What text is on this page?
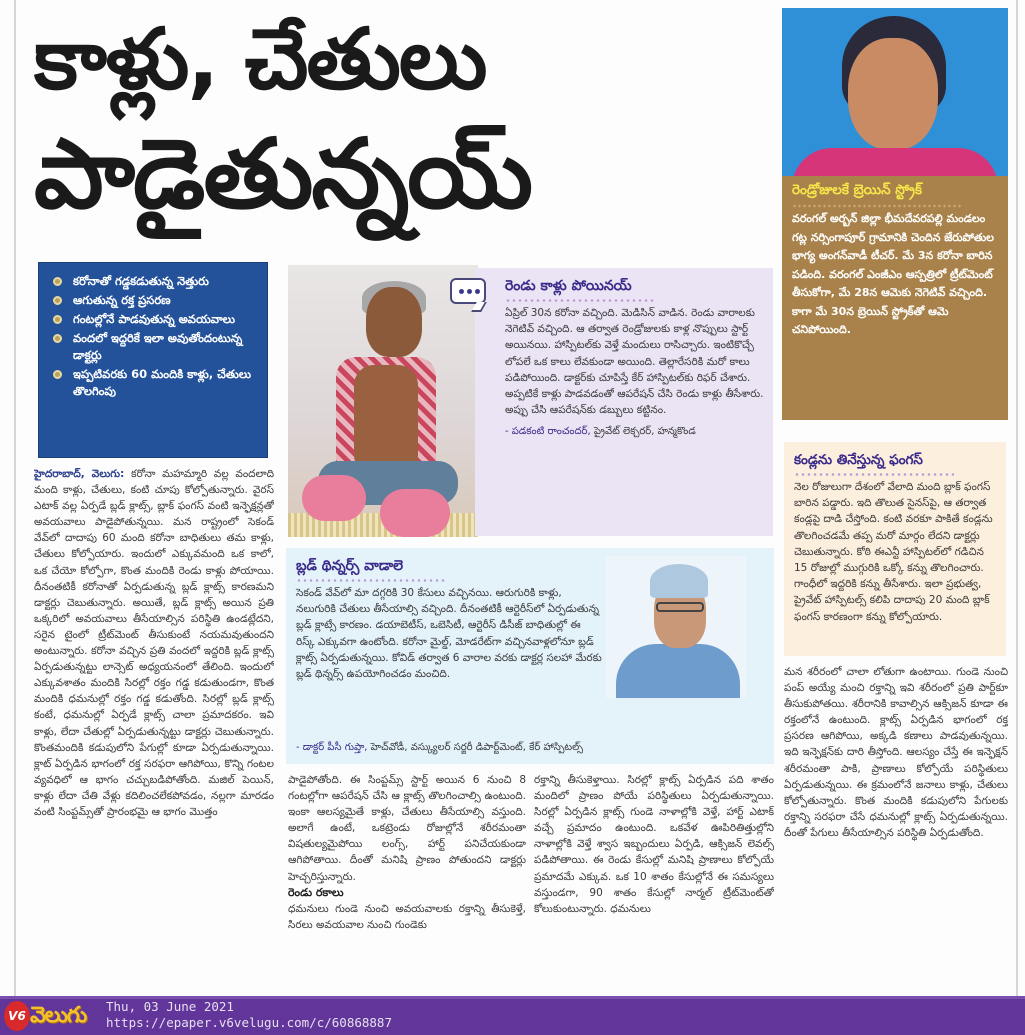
కాళ్లు, చేతులు
పాడైతున్నయ్
కరోనాతో గడ్డకడుతున్న నెత్తురు
ఆగుతున్న రక్త ప్రసరణ
గంటల్లోనే పాడవుతున్న అవయవాలు
వందలో ఇద్దరికే ఇలా అవుతోందంటున్న డాక్టర్లు
ఇప్పటివరకు 60 మందికి కాళ్లు, చేతులు తొలగింపు

హైదరాబాద్, వెలుగు: కరోనా మహమ్మారి వల్ల వందలాది మంది కాళ్లు, చేతులు, కంటి చూపు కోల్పోతున్నారు. వైరస్ ఎటాక్ వల్ల ఏర్పడే బ్లడ్ క్లాట్స్, బ్లాక్ ఫంగస్ వంటి ఇన్ఫెక్షన్లతో అవయవాలు పాడైపోతున్నయి. మన రాష్ట్రంలో సెకండ్ వేవ్‌లో దాదాపు 60 మంది కరోనా బాధితులు తమ కాళ్లు, చేతులు కోల్పోయారు. ఇందులో ఎక్కువమంది ఒక కాలో, ఒక చేయో కోల్పోగా, కొంత మందికి రెండు కాళ్లు పోయాయి. దీనంతటికీ కరోనాతో ఏర్పడుతున్న బ్లడ్ క్లాట్స్ కారణమని డాక్టర్లు చెబుతున్నారు. అయితే, బ్లడ్ క్లాట్స్ అయిన ప్రతి ఒక్కరిలో అవయవాలు తీసేయాల్సిన పరిస్థితి ఉండట్లేదని, సరైన టైంలో ట్రీట్‌మెంట్ తీసుకుంటే నయమవుతుందని అంటున్నారు. కరోనా వచ్చిన ప్రతి వందలో ఇద్దరికి బ్లడ్ క్లాట్స్ ఏర్పడుతున్నట్టు లాన్సెట్ అధ్యయనంలో తేలింది. ఇందులో ఎక్కువశాతం మందికి సిరల్లో రక్తం గడ్డ కడుతుండగా, కొంత మందికి ధమనుల్లో రక్తం గడ్డ కడుతోంది. సిరల్లో బ్లడ్ క్లాట్స్ కంటే, ధమనుల్లో ఏర్పడే క్లాట్స్ చాలా ప్రమాదకరం. ఇవి కాళ్లు, లేదా చేతుల్లో ఏర్పడుతున్నట్టు డాక్టర్లు చెబుతున్నారు. కొంతమందికి కడుపులోని పేగుల్లో కూడా ఏర్పడుతున్నాయి. క్లాట్ ఏర్పడిన భాగంలో రక్త సరఫరా ఆగిపోయి, కొన్ని గంటల వ్యవధిలో ఆ భాగం చచ్చుబడిపోతోంది. మజిల్ పెయిన్, కాళ్లు లేదా చేతి వేళ్లు కదిలించలేకపోవడం, నల్లగా మారడం వంటి సింప్టమ్స్‌తో ప్రారంభమై ఆ భాగం మొత్తం

రెండు కాళ్లు పోయినయ్
ఏప్రిల్ 30న కరోనా వచ్చింది. మెడిసిన్ వాడిన. రెండు వారాలకు నెగెటివ్ వచ్చింది. ఆ తర్వాత రెండ్రోజులకు కాళ్ల నొప్పులు స్టార్ట్ అయినయి. హాస్పిటల్‌కు వెళ్తే మందులు రాసిచ్చారు. ఇంటికొచ్చే లోపలే ఒక కాలు లేవకుండా అయింది. తెల్లారేసరికి మరో కాలు పడిపోయింది. డాక్టర్‌కు చూపిస్తే కేర్ హాస్పిటల్‌కు రిఫర్ చేశారు. అప్పటికే కాళ్లు పాడవడంతో ఆపరేషన్ చేసి రెండు కాళ్లు తీసేశారు. అప్పు చేసి ఆపరేషన్‌కు డబ్బులు కట్టినం.
- పడకంటి రాంచందర్, ప్రైవేట్ లెక్చరర్, హన్మకొండ
బ్లడ్ థిన్నర్స్ వాడాలె
సెకండ్ వేవ్‌లో మా దగ్గరికి 30 కేసులు వచ్చినయి. ఆరుగురికి కాళ్లు, నలుగురికి చేతులు తీసేయాల్సి వచ్చింది. దీనంతటికీ ఆర్టెరీస్‌లో ఏర్పడుతున్న బ్లడ్ క్లాట్సే కారణం. డయాబెటీస్, ఒబెసిటీ, ఆర్టెరీస్ డిసీజ్ బాధితుల్లో ఈ రిస్క్ ఎక్కువగా ఉంటోంది. కరోనా మైల్డ్, మోడరేట్‌గా వచ్చినవాళ్లలోనూ బ్లడ్ క్లాట్స్ ఏర్పడుతున్నయి. కోవిడ్ తర్వాత 6 వారాల వరకు డాక్టర్ల సలహా మేరకు బ్లడ్ థిన్నర్స్ ఉపయోగించడం మంచిది.
- డాక్టర్ పీసీ గుప్తా, హెచ్‌వోడీ, వస్క్యులర్ సర్జరీ డిపార్ట్‌మెంట్, కేర్ హాస్పిటల్స్

పాడైపోతోంది. ఈ సింప్టమ్స్ స్టార్ట్ అయిన 6 నుంచి 8 గంటల్లోగా ఆపరేషన్ చేసి ఆ క్లాట్స్ తొలగించాల్సి ఉంటుంది. ఇంకా ఆలస్యమైతే కాళ్లు, చేతులు తీసేయాల్సి వస్తుంది. అలాగే ఉంటే, ఒకట్రెండు రోజుల్లోనే శరీరమంతా విషతుల్యమైపోయి లంగ్స్, హార్ట్ పనిచేయకుండా ఆగిపోతాయి. దీంతో మనిషి ప్రాణం పోతుందని డాక్టర్లు హెచ్చరిస్తున్నారు.

రెండు రకాలు

ధమనులు గుండె నుంచి అవయవాలకు రక్తాన్ని తీసుకెళ్తే, సిరలు అవయవాల నుంచి గుండెకు

రక్తాన్ని తీసుకెళ్తాయి. సిరల్లో క్లాట్స్ ఏర్పడిన పది శాతం మందిలో ప్రాణం పోయే పరిస్థితులు ఏర్పడుతున్నాయి. సిరల్లో ఏర్పడిన క్లాట్స్ గుండె నాళాల్లోకి వెళ్తే, హార్ట్ ఎటాక్ వచ్చే ప్రమాదం ఉంటుంది. ఒకవేళ ఊపిరితిత్తుల్లోని నాళాల్లోకి వెళ్తే శ్వాస ఇబ్బందులు ఏర్పడి, ఆక్సిజన్ లెవల్స్ పడిపోతాయి. ఈ రెండు కేసుల్లో మనిషి ప్రాణాలు కోల్పోయే ప్రమాదమే ఎక్కువ. ఒక 10 శాతం కేసుల్లోనే ఈ సమస్యలు వస్తుండగా, 90 శాతం కేసుల్లో నార్మల్ ట్రీట్‌మెంట్‌తో కోలుకుంటున్నారు. ధమనులు

రెండ్రోజులకే బ్రెయిన్ స్ట్రోక్
వరంగల్ అర్బన్ జిల్లా భీమదేవరపల్లి మండలం గట్ల నర్సింగాపూర్ గ్రామానికి చెందిన జేరుపోతుల భాగ్య అంగన్‌వాడీ టీచర్. మే 3న కరోనా బారిన పడింది. వరంగల్ ఎంజీఎం ఆస్పత్రిలో ట్రీట్‌మెంట్ తీసుకోగా, మే 28న ఆమెకు నెగెటివ్ వచ్చింది. కాగా మే 30న బ్రెయిన్ స్ట్రోక్‌తో ఆమె చనిపోయింది.
కండ్లను తినేస్తున్న ఫంగస్
నెల రోజులుగా దేశంలో వేలాది మంది బ్లాక్ ఫంగస్ బారిన పడ్డారు. ఇది తొలుత సైనస్‌పై, ఆ తర్వాత కండ్లపై దాడి చేస్తోంది. కంటి వరకూ పాకితే కండ్లను తొలగించడమే తప్ప మరో మార్గం లేదని డాక్టర్లు చెబుతున్నారు. కోఠి ఈఎన్టీ హాస్పిటల్‌లో గడిచిన 15 రోజుల్లో ముగ్గురికి ఒక్కో కన్ను తొలగించారు. గాంధీలో ఇద్దరికి కన్ను తీసేశారు. ఇలా ప్రభుత్వ, ప్రైవేట్ హాస్పిటల్స్ కలిపి దాదాపు 20 మంది బ్లాక్ ఫంగస్ కారణంగా కన్ను కోల్పోయారు.

మన శరీరంలో చాలా లోతుగా ఉంటాయి. గుండె నుంచి పంప్ అయ్యే మంచి రక్తాన్ని ఇవి శరీరంలో ప్రతి పార్ట్‌కూ తీసుకుపోతయి. శరీరానికి కావాల్సిన ఆక్సిజన్ కూడా ఈ రక్తంలోనే ఉంటుంది. క్లాట్స్ ఏర్పడిన భాగంలో రక్త ప్రసరణ ఆగిపోయి, అక్కడి కణాలు పాడవుతున్నయి. ఇది ఇన్ఫెక్షన్‌కు దారి తీస్తోంది. ఆలస్యం చేస్తే ఈ ఇన్ఫెక్షన్ శరీరమంతా పాకి, ప్రాణాలు కోల్పోయే పరిస్థితులు ఏర్పడుతున్నయి. ఈ క్రమంలోనే జనాలు కాళ్లు, చేతులు కోల్పోతున్నారు. కొంత మందికి కడుపులోని పేగులకు రక్తాన్ని సరఫరా చేసే ధమనుల్లో క్లాట్స్ ఏర్పడుతున్నయి. దీంతో పేగులు తీసేయాల్సిన పరిస్థితి ఏర్పడుతోంది.

V6 వెలుగు Thu, 03 June 2021
https://epaper.v6velugu.com/c/60868887
